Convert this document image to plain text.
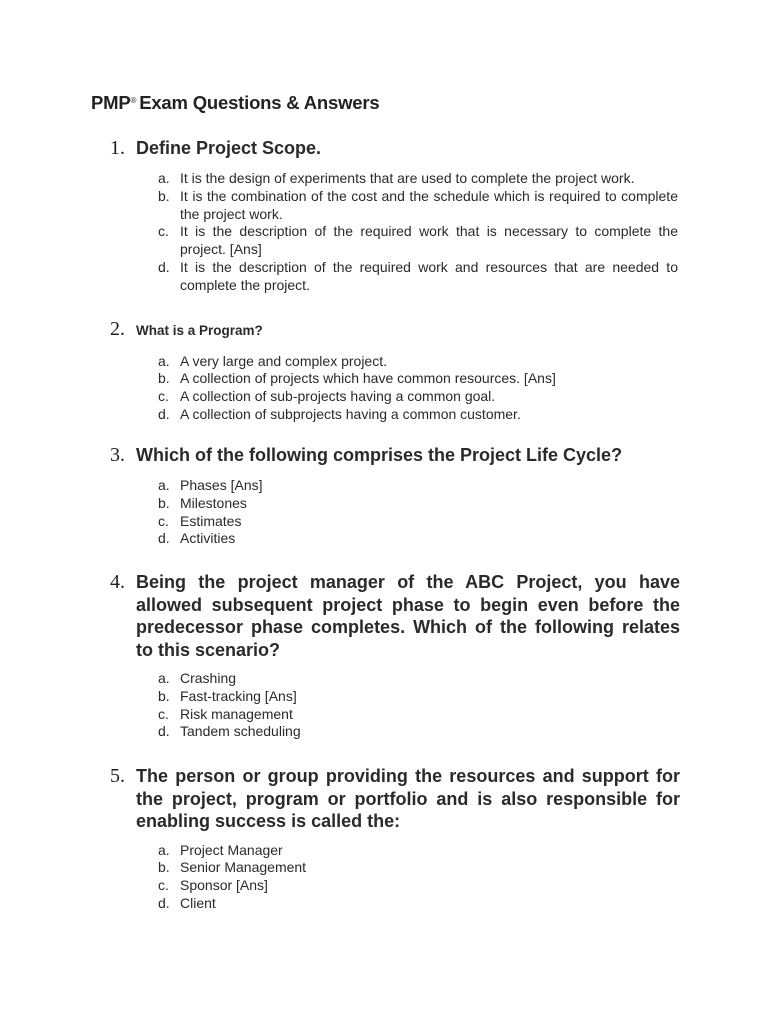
PMP® Exam Questions & Answers
1. Define Project Scope.
a. It is the design of experiments that are used to complete the project work.
b. It is the combination of the cost and the schedule which is required to complete the project work.
c. It is the description of the required work that is necessary to complete the project. [Ans]
d. It is the description of the required work and resources that are needed to complete the project.
2. What is a Program?
a. A very large and complex project.
b. A collection of projects which have common resources. [Ans]
c. A collection of sub-projects having a common goal.
d. A collection of subprojects having a common customer.
3. Which of the following comprises the Project Life Cycle?
a. Phases [Ans]
b. Milestones
c. Estimates
d. Activities
4. Being the project manager of the ABC Project, you have allowed subsequent project phase to begin even before the predecessor phase completes. Which of the following relates to this scenario?
a. Crashing
b. Fast-tracking [Ans]
c. Risk management
d. Tandem scheduling
5. The person or group providing the resources and support for the project, program or portfolio and is also responsible for enabling success is called the:
a. Project Manager
b. Senior Management
c. Sponsor [Ans]
d. Client
